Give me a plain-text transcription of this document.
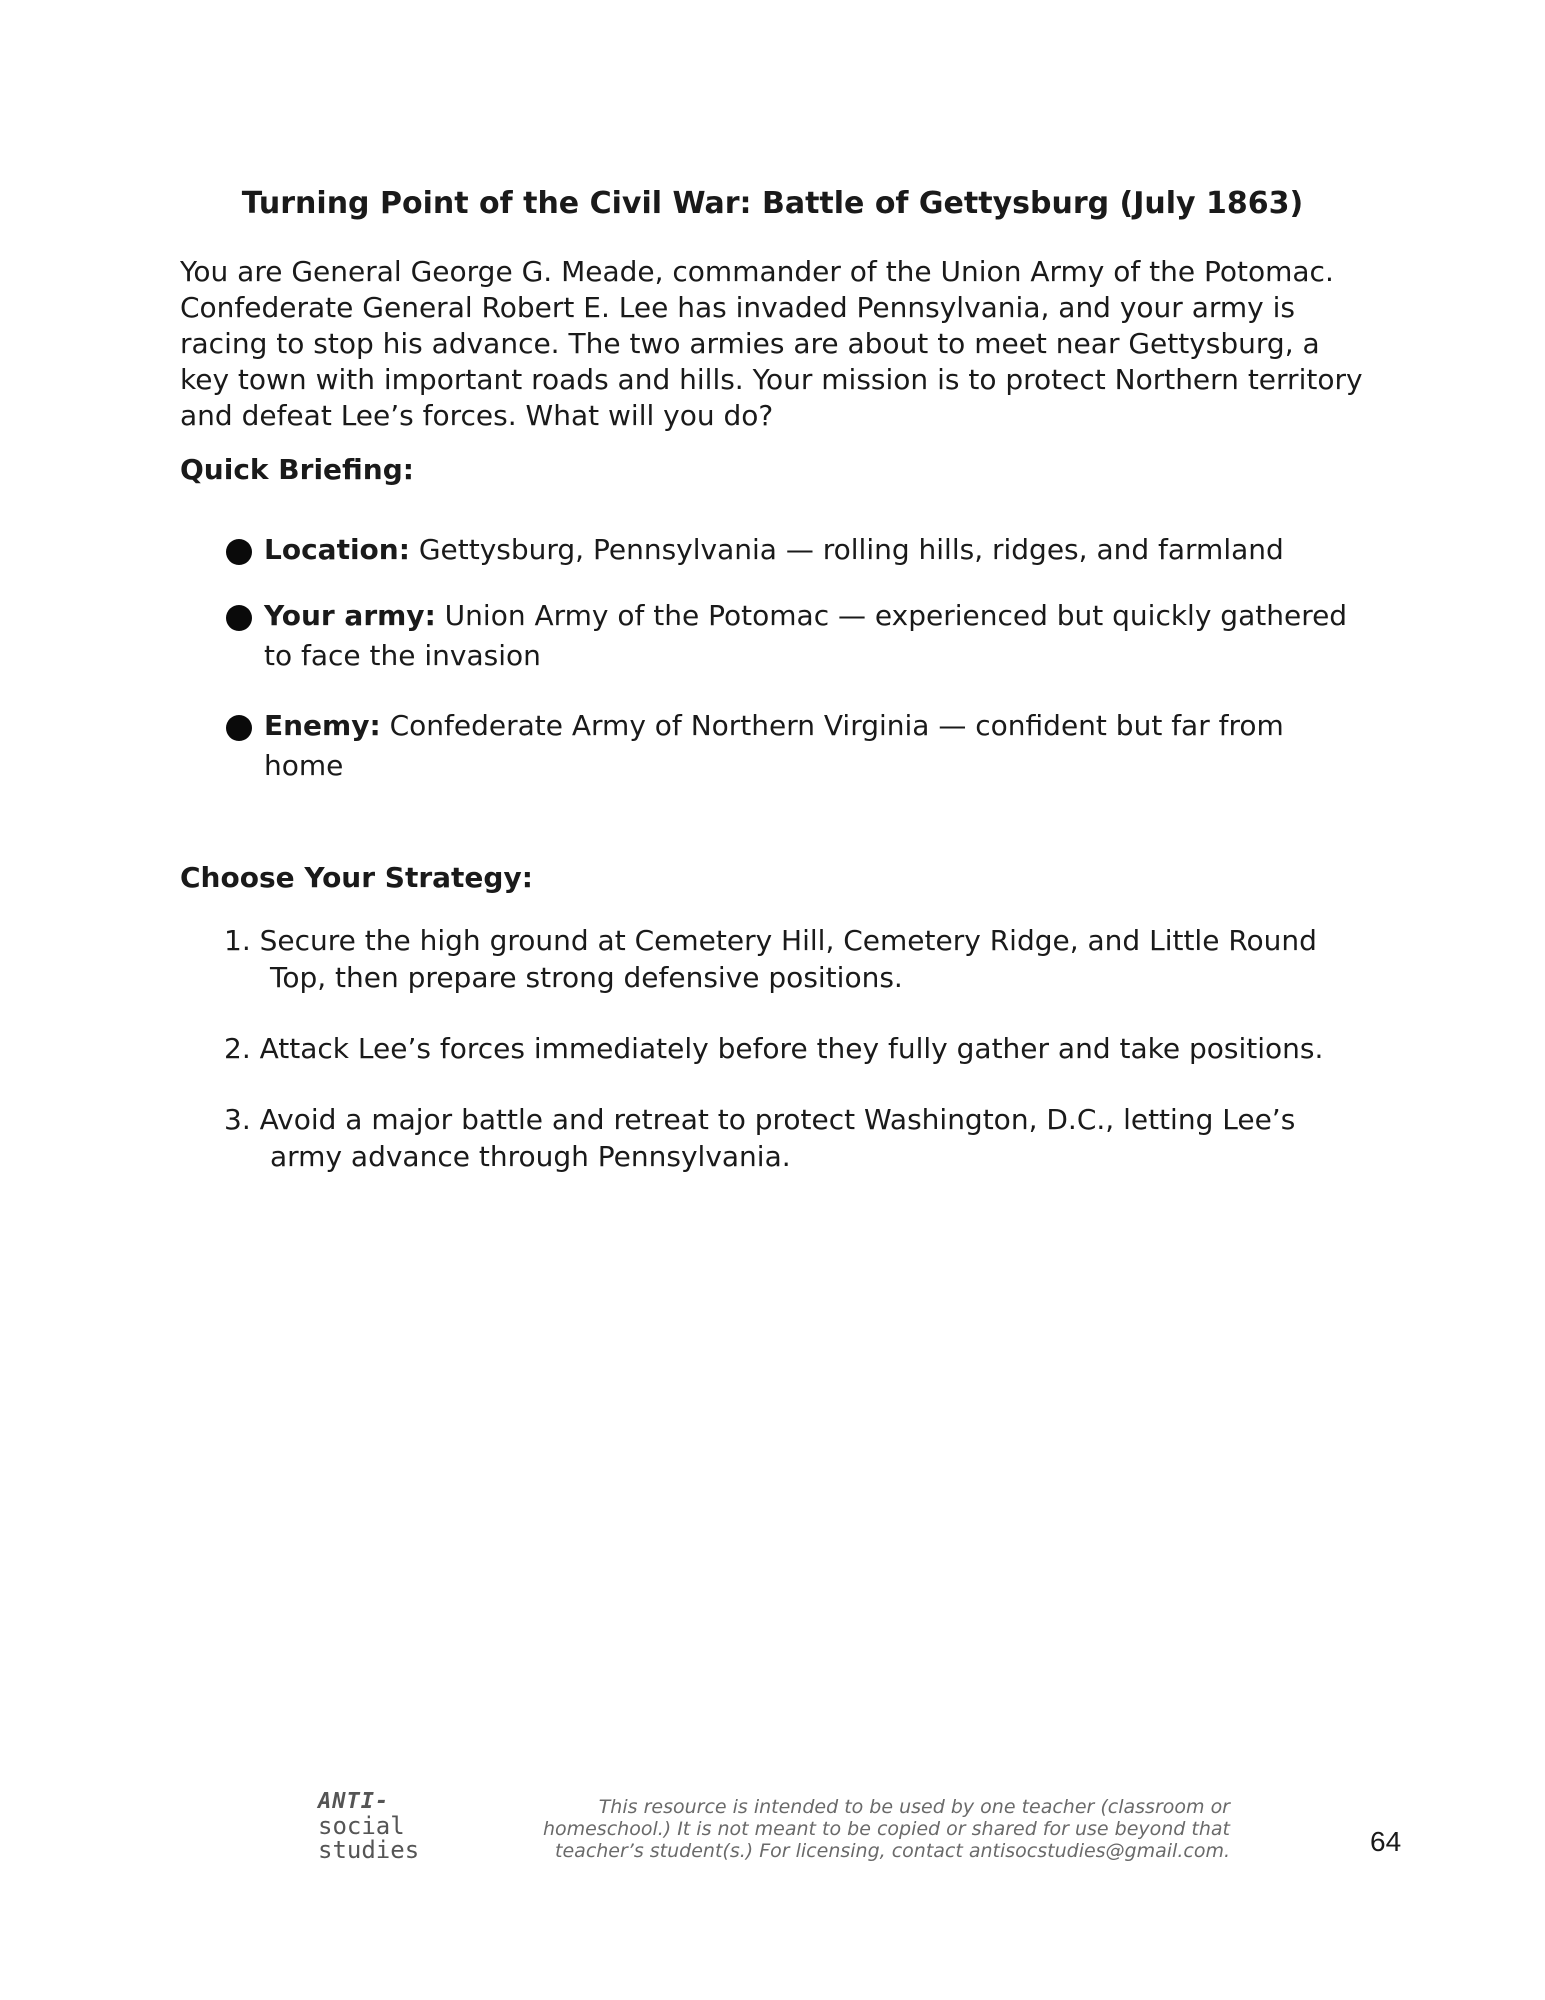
Turning Point of the Civil War: Battle of Gettysburg (July 1863)

You are General George G. Meade, commander of the Union Army of the Potomac. Confederate General Robert E. Lee has invaded Pennsylvania, and your army is racing to stop his advance. The two armies are about to meet near Gettysburg, a key town with important roads and hills. Your mission is to protect Northern territory and defeat Lee’s forces. What will you do?

Quick Briefing:
Location: Gettysburg, Pennsylvania — rolling hills, ridges, and farmland
Your army: Union Army of the Potomac — experienced but quickly gathered to face the invasion
Enemy: Confederate Army of Northern Virginia — confident but far from home
Choose Your Strategy:
1. Secure the high ground at Cemetery Hill, Cemetery Ridge, and Little Round Top, then prepare strong defensive positions.
2. Attack Lee’s forces immediately before they fully gather and take positions.
3. Avoid a major battle and retreat to protect Washington, D.C., letting Lee’s army advance through Pennsylvania.
ANTI-
social
studies

This resource is intended to be used by one teacher (classroom or
homeschool.) It is not meant to be copied or shared for use beyond that
teacher’s student(s.) For licensing, contact antisocstudies@gmail.com.	64
